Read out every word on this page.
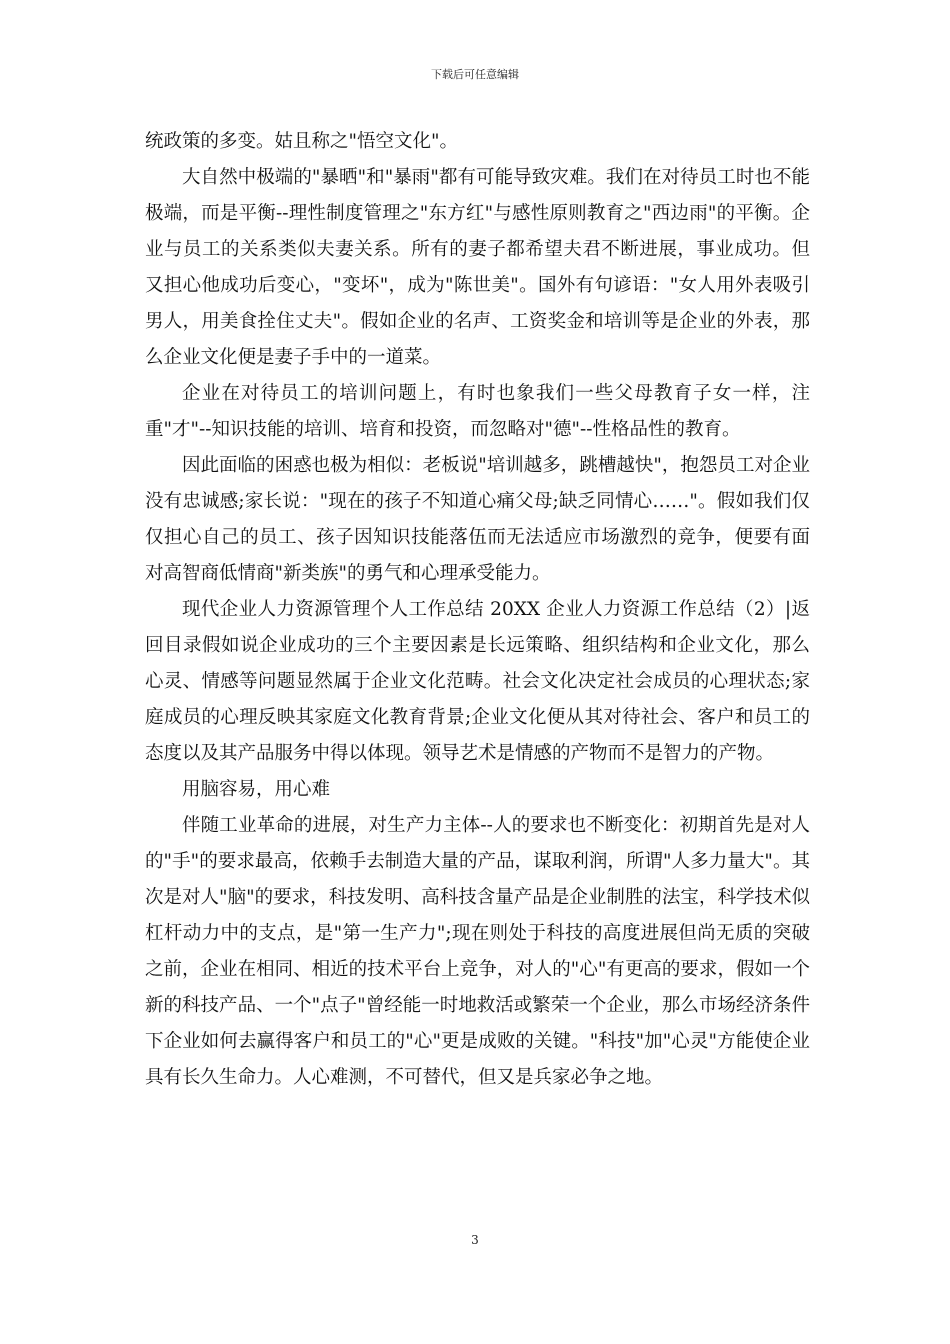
下载后可任意编辑

统政策的多变。姑且称之"悟空文化"。

大自然中极端的"暴晒"和"暴雨"都有可能导致灾难。我们在对待员工时也不能极端，而是平衡--理性制度管理之"东方红"与感性原则教育之"西边雨"的平衡。企业与员工的关系类似夫妻关系。所有的妻子都希望夫君不断进展，事业成功。但又担心他成功后变心，"变坏"，成为"陈世美"。国外有句谚语："女人用外表吸引男人，用美食拴住丈夫"。假如企业的名声、工资奖金和培训等是企业的外表，那么企业文化便是妻子手中的一道菜。

企业在对待员工的培训问题上，有时也象我们一些父母教育子女一样，注重"才"--知识技能的培训、培育和投资，而忽略对"德"--性格品性的教育。

因此面临的困惑也极为相似：老板说"培训越多，跳槽越快"，抱怨员工对企业没有忠诚感;家长说："现在的孩子不知道心痛父母;缺乏同情心……"。假如我们仅仅担心自己的员工、孩子因知识技能落伍而无法适应市场激烈的竞争，便要有面对高智商低情商"新类族"的勇气和心理承受能力。

现代企业人力资源管理个人工作总结 20XX 企业人力资源工作总结（2）|返回目录假如说企业成功的三个主要因素是长远策略、组织结构和企业文化，那么心灵、情感等问题显然属于企业文化范畴。社会文化决定社会成员的心理状态;家庭成员的心理反映其家庭文化教育背景;企业文化便从其对待社会、客户和员工的态度以及其产品服务中得以体现。领导艺术是情感的产物而不是智力的产物。

用脑容易，用心难

伴随工业革命的进展，对生产力主体--人的要求也不断变化：初期首先是对人的"手"的要求最高，依赖手去制造大量的产品，谋取利润，所谓"人多力量大"。其次是对人"脑"的要求，科技发明、高科技含量产品是企业制胜的法宝，科学技术似杠杆动力中的支点，是"第一生产力";现在则处于科技的高度进展但尚无质的突破之前，企业在相同、相近的技术平台上竞争，对人的"心"有更高的要求，假如一个新的科技产品、一个"点子"曾经能一时地救活或繁荣一个企业，那么市场经济条件下企业如何去赢得客户和员工的"心"更是成败的关键。"科技"加"心灵"方能使企业具有长久生命力。人心难测，不可替代，但又是兵家必争之地。

3
